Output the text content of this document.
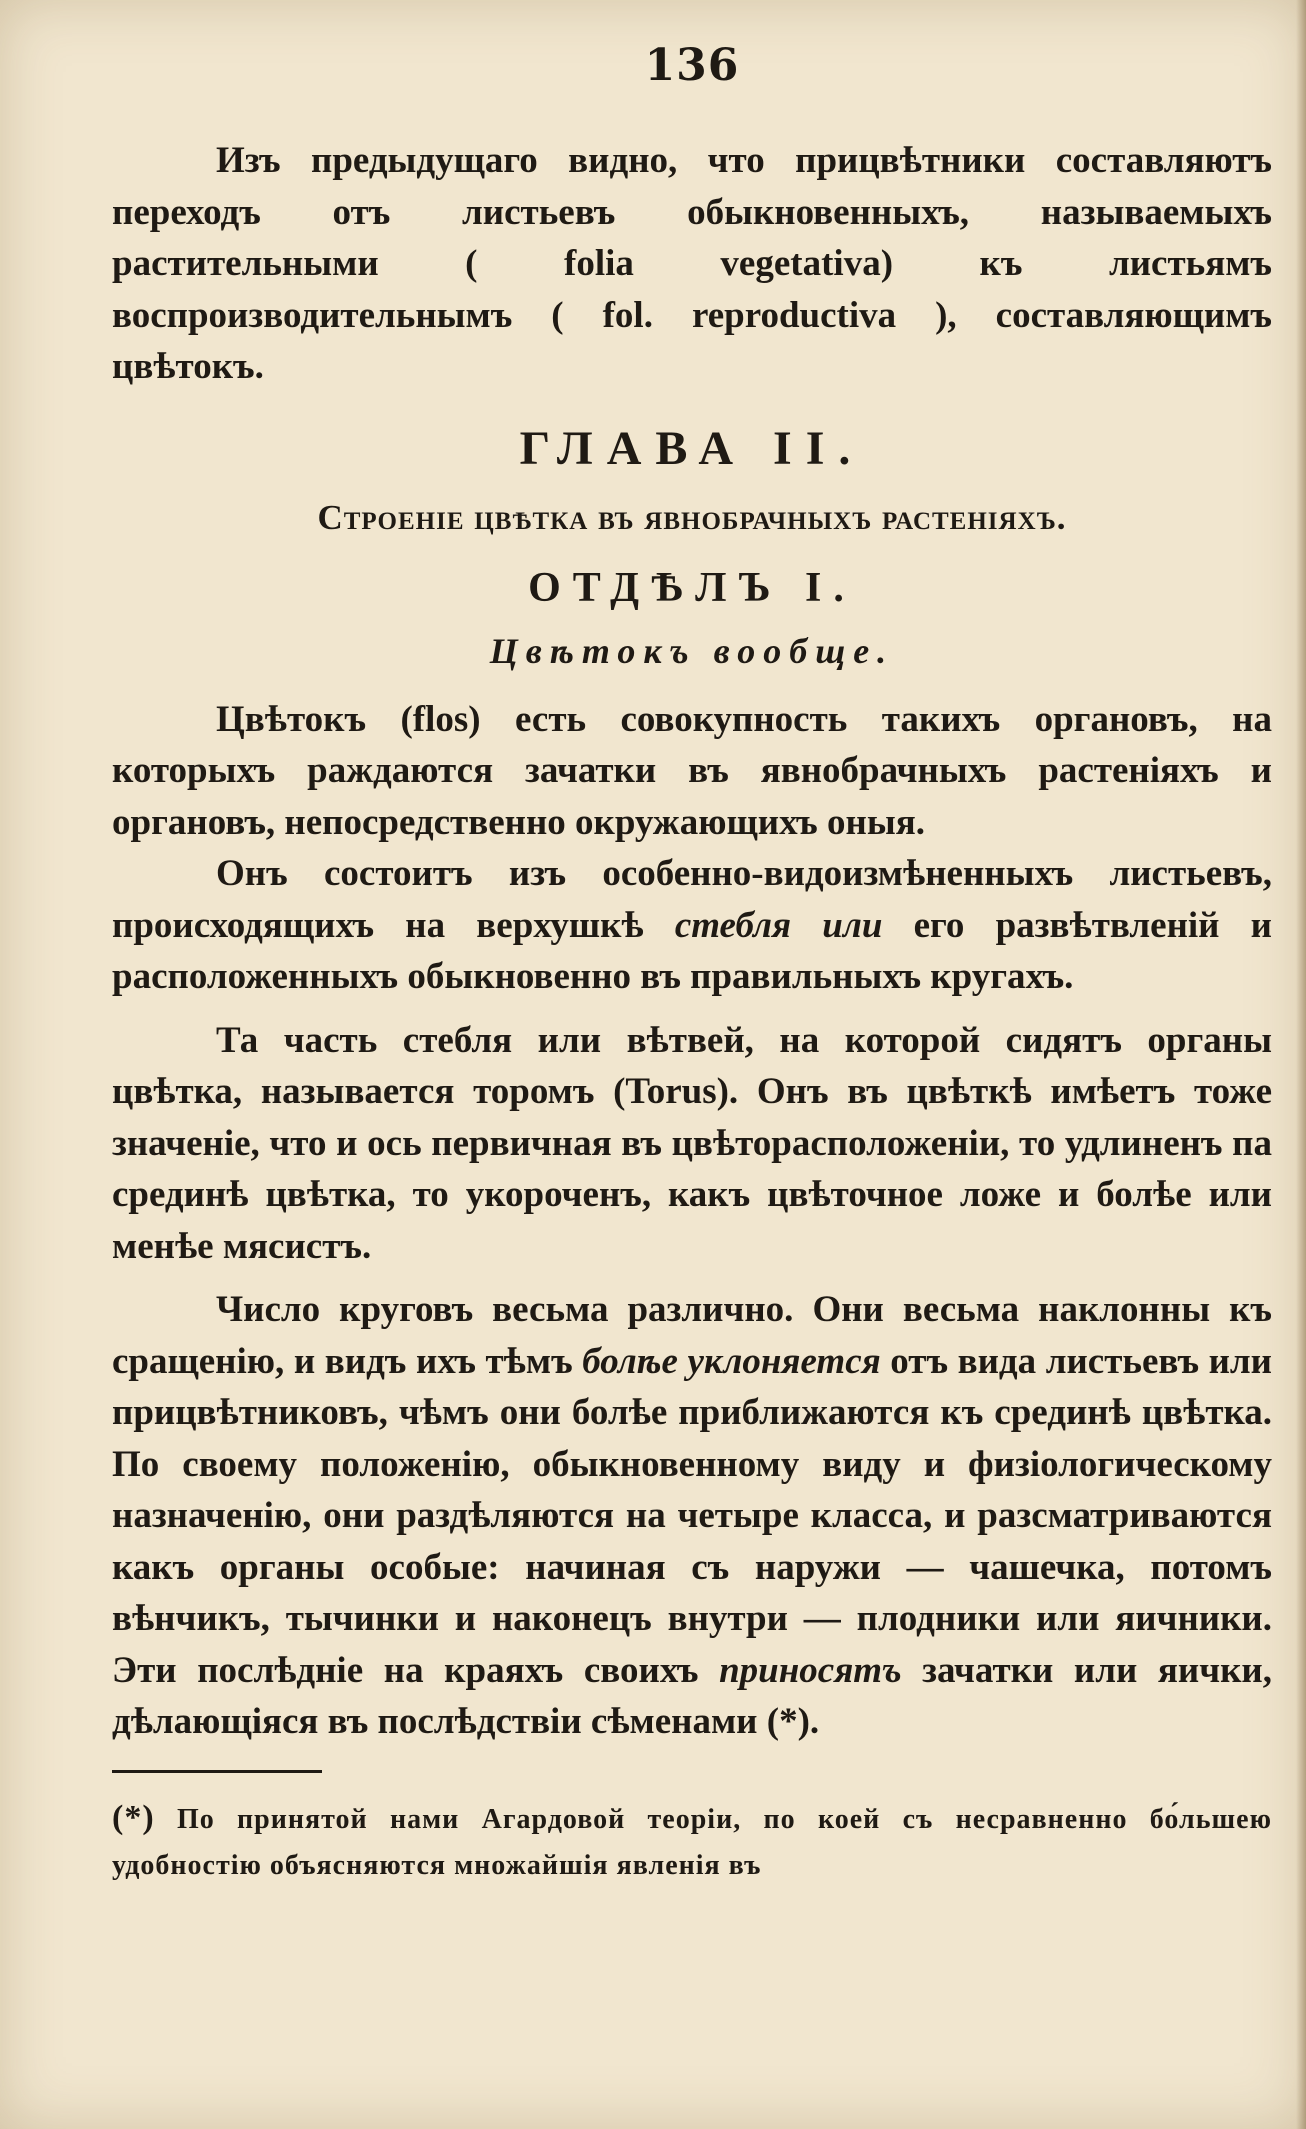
136

Изъ предыдущаго видно, что прицвѣтники составляютъ переходъ отъ листьевъ обыкновенныхъ, называемыхъ растительными ( folia vegetativa) къ листьямъ воспроизводительнымъ ( fol. reproductiva ), составляющимъ цвѣтокъ.

ГЛАВА II.
Строеніе цвѣтка въ явнобрачныхъ растеніяхъ.
ОТДѢЛЪ I.
Цвѣтокъ вообще.

Цвѣтокъ (flos) есть совокупность такихъ органовъ, на которыхъ раждаются зачатки въ явнобрачныхъ растеніяхъ и органовъ, непосредственно окружающихъ оныя.

Онъ состоитъ изъ особенно-видоизмѣненныхъ листьевъ, происходящихъ на верхушкѣ стебля или его развѣтвленій и расположенныхъ обыкновенно въ правильныхъ кругахъ.

Та часть стебля или вѣтвей, на которой сидятъ органы цвѣтка, называется торомъ (Torus). Онъ въ цвѣткѣ имѣетъ тоже значеніе, что и ось первичная въ цвѣторасположеніи, то удлиненъ па срединѣ цвѣтка, то укороченъ, какъ цвѣточное ложе и болѣе или менѣе мясистъ.

Число круговъ весьма различно. Они весьма наклонны къ сращенію, и видъ ихъ тѣмъ болѣе уклоняется отъ вида листьевъ или прицвѣтниковъ, чѣмъ они болѣе приближаются къ срединѣ цвѣтка. По своему положенію, обыкновенному виду и физіологическому назначенію, они раздѣляются на четыре класса, и разсматриваются какъ органы особые: начиная съ наружи — чашечка, потомъ вѣнчикъ, тычинки и наконецъ внутри — плодники или яичники. Эти послѣдніе на краяхъ своихъ приносятъ зачатки или яички, дѣлающіяся въ послѣдствіи сѣменами (*).

(*) По принятой нами Агардовой теоріи, по коей съ несравненно бо́льшею удобностію объясняются множайшія явленія въ
